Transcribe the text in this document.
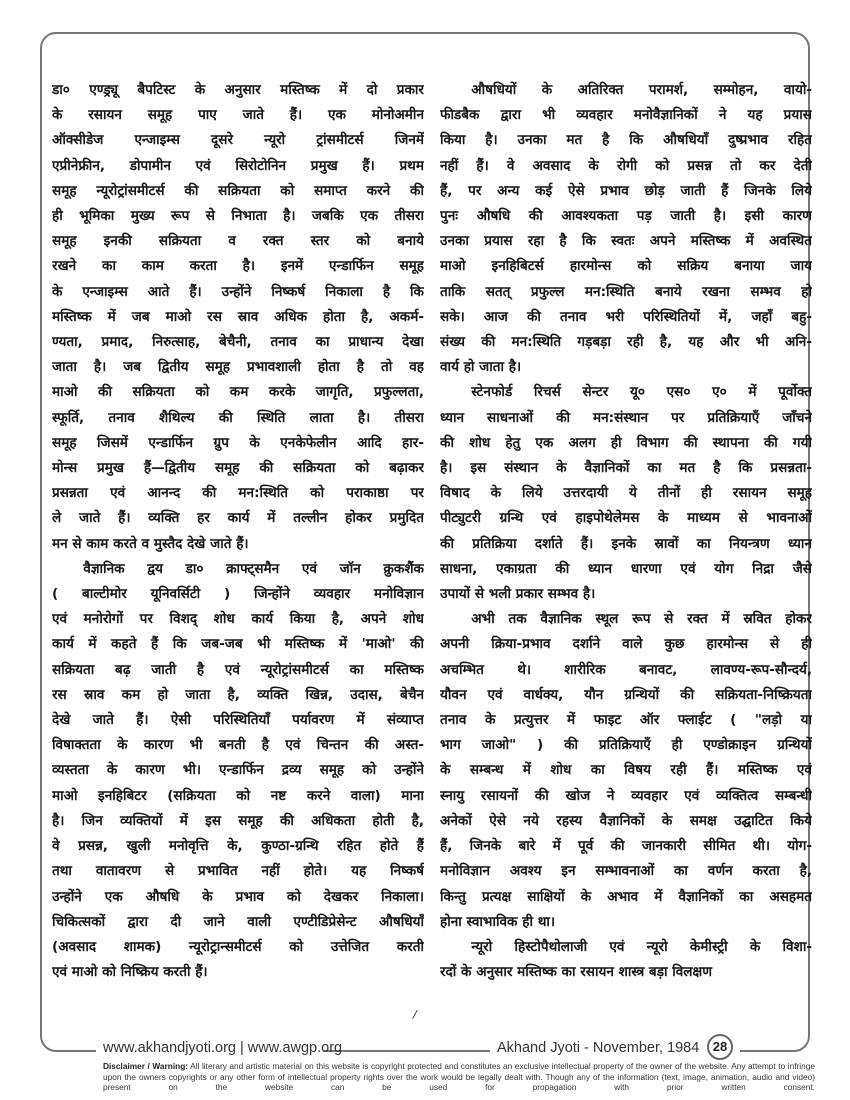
डा० एण्ड्र्यू बैपटिस्ट के अनुसार मस्तिष्क में दो प्रकार
के रसायन समूह पाए जाते हैं। एक मोनोअमीन
ऑक्सीडेज एन्जाइम्स दूसरे न्यूरो ट्रांसमीटर्स जिनमें
एप्रीनेफ्रीन, डोपामीन एवं सिरोटोनिन प्रमुख हैं। प्रथम
समूह न्यूरोट्रांसमीटर्स की सक्रियता को समाप्त करने की
ही भूमिका मुख्य रूप से निभाता है। जबकि एक तीसरा
समूह इनकी सक्रियता व रक्त स्तर को बनाये
रखने का काम करता है। इनमें एन्डार्फिन समूह
के एन्जाइम्स आते हैं। उन्होंने निष्कर्ष निकाला है कि
मस्तिष्क में जब माओ रस स्राव अधिक होता है, अकर्म-
ण्यता, प्रमाद, निरुत्साह, बेचैनी, तनाव का प्राधान्य देखा
जाता है। जब द्वितीय समूह प्रभावशाली होता है तो वह
माओ की सक्रियता को कम करके जागृति, प्रफुल्लता,
स्फूर्ति, तनाव शैथिल्य की स्थिति लाता है। तीसरा
समूह जिसमें एन्डार्फिन ग्रुप के एनकेफेलीन आदि हार-
मोन्स प्रमुख हैं—द्वितीय समूह की सक्रियता को बढ़ाकर
प्रसन्नता एवं आनन्द की मन:स्थिति को पराकाष्ठा पर
ले जाते हैं। व्यक्ति हर कार्य में तल्लीन होकर प्रमुदित
मन से काम करते व मुस्तैद देखे जाते हैं।

वैज्ञानिक द्वय डा० क्राफ्ट्समैन एवं जॉन क्रुकशैंक
( बाल्टीमोर यूनिवर्सिटी ) जिन्होंने व्यवहार मनोविज्ञान
एवं मनोरोगों पर विशद् शोध कार्य किया है, अपने शोध
कार्य में कहते हैं कि जब-जब भी मस्तिष्क में 'माओ' की
सक्रियता बढ़ जाती है एवं न्यूरोट्रांसमीटर्स का मस्तिष्क
रस स्राव कम हो जाता है, व्यक्ति खिन्न, उदास, बेचैन
देखे जाते हैं। ऐसी परिस्थितियाँ पर्यावरण में संव्याप्त
विषाक्तता के कारण भी बनती है एवं चिन्तन की अस्त-
व्यस्तता के कारण भी। एन्डार्फिन द्रव्य समूह को उन्होंने
माओ इनहिबिटर (सक्रियता को नष्ट करने वाला) माना
है। जिन व्यक्तियों में इस समूह की अधिकता होती है,
वे प्रसन्न, खुली मनोवृत्ति के, कुण्ठा-ग्रन्थि रहित होते हैं
तथा वातावरण से प्रभावित नहीं होते। यह निष्कर्ष
उन्होंने एक औषधि के प्रभाव को देखकर निकाला।
चिकित्सकों द्वारा दी जाने वाली एण्टीडिप्रेसेन्ट औषधियाँ
(अवसाद शामक) न्यूरोट्रान्समीटर्स को उत्तेजित करती
एवं माओ को निष्क्रिय करती हैं।

औषधियों के अतिरिक्त परामर्श, सम्मोहन, वायो-
फीडबैक द्वारा भी व्यवहार मनोवैज्ञानिकों ने यह प्रयास
किया है। उनका मत है कि औषधियाँ दुष्प्रभाव रहित
नहीं हैं। वे अवसाद के रोगी को प्रसन्न तो कर देती
हैं, पर अन्य कई ऐसे प्रभाव छोड़ जाती हैं जिनके लिये
पुनः औषधि की आवश्यकता पड़ जाती है। इसी कारण
उनका प्रयास रहा है कि स्वतः अपने मस्तिष्क में अवस्थित
माओ इनहिबिटर्स हारमोन्स को सक्रिय बनाया जाय
ताकि सतत् प्रफुल्ल मन:स्थिति बनाये रखना सम्भव हो
सके। आज की तनाव भरी परिस्थितियों में, जहाँ बहु-
संख्य की मन:स्थिति गड़बड़ा रही है, यह और भी अनि-
वार्य हो जाता है।

स्टेनफोर्ड रिचर्स सेन्टर यू० एस० ए० में पूर्वोक्त
ध्यान साधनाओं की मन:संस्थान पर प्रतिक्रियाएँ जाँचने
की शोध हेतु एक अलग ही विभाग की स्थापना की गयी
है। इस संस्थान के वैज्ञानिकों का मत है कि प्रसन्नता-
विषाद के लिये उत्तरदायी ये तीनों ही रसायन समूह
पीट्युटरी ग्रन्थि एवं हाइपोथेलेमस के माध्यम से भावनाओं
की प्रतिक्रिया दर्शाते हैं। इनके स्रावों का नियन्त्रण ध्यान
साधना, एकाग्रता की ध्यान धारणा एवं योग निद्रा जैसे
उपायों से भली प्रकार सम्भव है।

अभी तक वैज्ञानिक स्थूल रूप से रक्त में स्रवित होकर
अपनी क्रिया-प्रभाव दर्शाने वाले कुछ हारमोन्स से ही
अचम्भित थे। शारीरिक बनावट, लावण्य-रूप-सौन्दर्य,
यौवन एवं वार्धक्य, यौन ग्रन्थियों की सक्रियता-निष्क्रियता
तनाव के प्रत्युत्तर में फाइट ऑर फ्लाईट ( "लड़ो या
भाग जाओ" ) की प्रतिक्रियाएँ ही एण्डोक्राइन ग्रन्थियों
के सम्बन्ध में शोध का विषय रही हैं। मस्तिष्क एवं
स्नायु रसायनों की खोज ने व्यवहार एवं व्यक्तित्व सम्बन्धी
अनेकों ऐसे नये रहस्य वैज्ञानिकों के समक्ष उद्घाटित किये
हैं, जिनके बारे में पूर्व की जानकारी सीमित थी। योग-
मनोविज्ञान अवश्य इन सम्भावनाओं का वर्णन करता है,
किन्तु प्रत्यक्ष साक्षियों के अभाव में वैज्ञानिकों का असहमत
होना स्वाभाविक ही था।

न्यूरो हिस्टोपैथोलाजी एवं न्यूरो केमीस्ट्री के विशा-
रदों के अनुसार मस्तिष्क का रसायन शास्त्र बड़ा विलक्षण

/
www.akhandjyoti.org | www.awgp.org	Akhand Jyoti - November, 1984	28
Disclaimer / Warning: All literary and artistic material on this website is copyright protected and constitutes an exclusive intellectual property of the owner of the website. Any attempt to infringe upon the owners copyrights or any other form of intellectual property rights over the work would be legally dealt with. Though any of the information (text, image, animation, audio and video) present on the website can be used for propagation with prior written consent.
